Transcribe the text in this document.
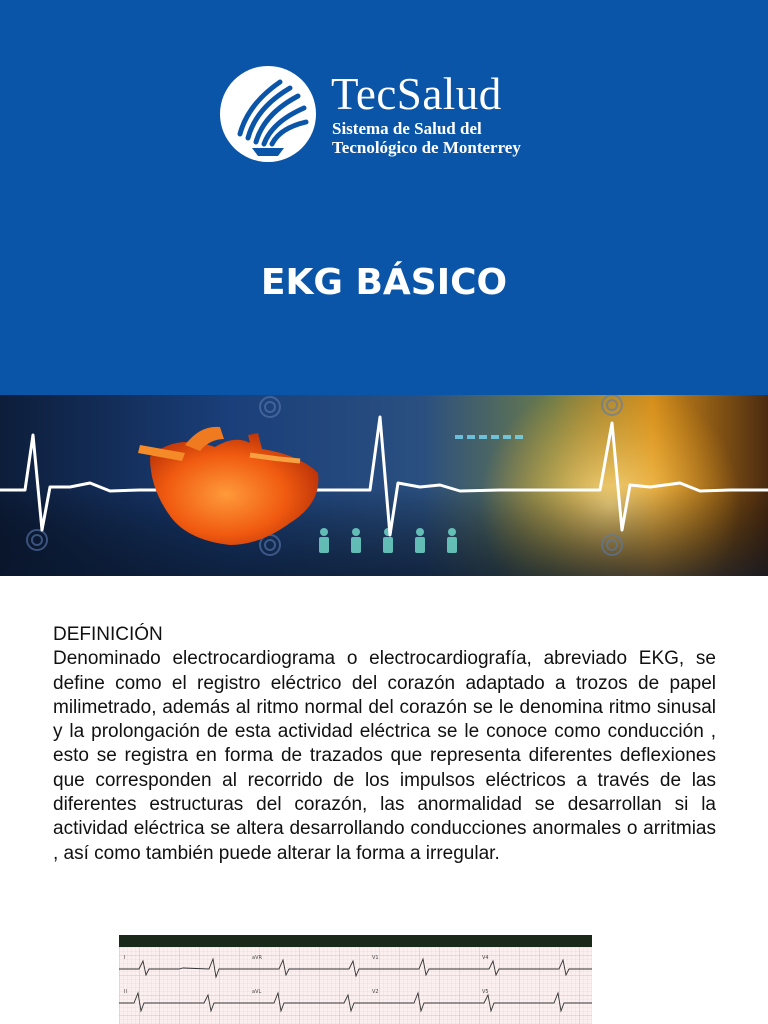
TecSalud
Sistema de Salud del
Tecnológico de Monterrey
EKG BÁSICO
DEFINICIÓN
Denominado electrocardiograma o electrocardiografía, abreviado EKG, se define como el registro eléctrico del corazón adaptado a trozos de papel milimetrado, además al ritmo normal del corazón se le denomina ritmo sinusal y la prolongación de esta actividad eléctrica se le conoce como conducción , esto se registra en forma de trazados que representa diferentes deflexiones que corresponden al recorrido de los impulsos eléctricos a través de las diferentes estructuras del corazón, las anormalidad se desarrollan si la actividad eléctrica se altera desarrollando conducciones anormales o arritmias , así como también puede alterar la forma a irregular.
I	aVR	V1	V4
II	aVL	V2	V5
